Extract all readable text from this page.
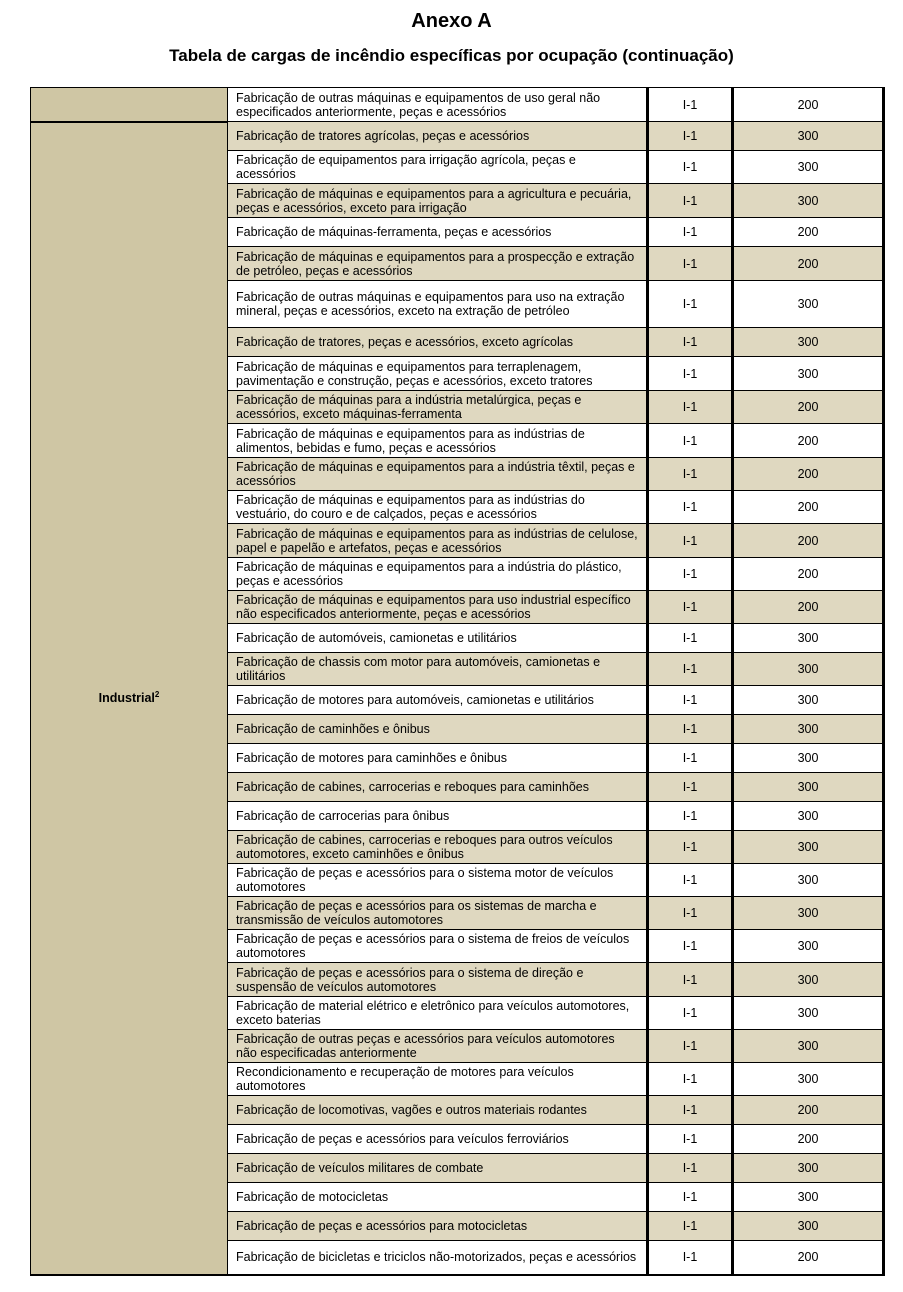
Anexo A
Tabela de cargas de incêndio específicas por ocupação (continuação)
	Fabricação de outras máquinas e equipamentos de uso geral não especificados anteriormente, peças e acessórios	I-1	200
Industrial$^2$	Fabricação de tratores agrícolas, peças e acessórios	I-1	300
	Fabricação de equipamentos para irrigação agrícola, peças e acessórios	I-1	300
	Fabricação de máquinas e equipamentos para a agricultura e pecuária, peças e acessórios, exceto para irrigação	I-1	300
	Fabricação de máquinas-ferramenta, peças e acessórios	I-1	200
	Fabricação de máquinas e equipamentos para a prospecção e extração de petróleo, peças e acessórios	I-1	200
	Fabricação de outras máquinas e equipamentos para uso na extração mineral, peças e acessórios, exceto na extração de petróleo	I-1	300
	Fabricação de tratores, peças e acessórios, exceto agrícolas	I-1	300
	Fabricação de máquinas e equipamentos para terraplenagem, pavimentação e construção, peças e acessórios, exceto tratores	I-1	300
	Fabricação de máquinas para a indústria metalúrgica, peças e acessórios, exceto máquinas-ferramenta	I-1	200
	Fabricação de máquinas e equipamentos para as indústrias de alimentos, bebidas e fumo, peças e acessórios	I-1	200
	Fabricação de máquinas e equipamentos para a indústria têxtil, peças e acessórios	I-1	200
	Fabricação de máquinas e equipamentos para as indústrias do vestuário, do couro e de calçados, peças e acessórios	I-1	200
	Fabricação de máquinas e equipamentos para as indústrias de celulose, papel e papelão e artefatos, peças e acessórios	I-1	200
	Fabricação de máquinas e equipamentos para a indústria do plástico, peças e acessórios	I-1	200
	Fabricação de máquinas e equipamentos para uso industrial específico não especificados anteriormente, peças e acessórios	I-1	200
	Fabricação de automóveis, camionetas e utilitários	I-1	300
	Fabricação de chassis com motor para automóveis, camionetas e utilitários	I-1	300
	Fabricação de motores para automóveis, camionetas e utilitários	I-1	300
	Fabricação de caminhões e ônibus	I-1	300
	Fabricação de motores para caminhões e ônibus	I-1	300
	Fabricação de cabines, carrocerias e reboques para caminhões	I-1	300
	Fabricação de carrocerias para ônibus	I-1	300
	Fabricação de cabines, carrocerias e reboques para outros veículos automotores, exceto caminhões e ônibus	I-1	300
	Fabricação de peças e acessórios para o sistema motor de veículos automotores	I-1	300
	Fabricação de peças e acessórios para os sistemas de marcha e transmissão de veículos automotores	I-1	300
	Fabricação de peças e acessórios para o sistema de freios de veículos automotores	I-1	300
	Fabricação de peças e acessórios para o sistema de direção e suspensão de veículos automotores	I-1	300
	Fabricação de material elétrico e eletrônico para veículos automotores, exceto baterias	I-1	300
	Fabricação de outras peças e acessórios para veículos automotores não especificadas anteriormente	I-1	300
	Recondicionamento e recuperação de motores para veículos automotores	I-1	300
	Fabricação de locomotivas, vagões e outros materiais rodantes	I-1	200
	Fabricação de peças e acessórios para veículos ferroviários	I-1	200
	Fabricação de veículos militares de combate	I-1	300
	Fabricação de motocicletas	I-1	300
	Fabricação de peças e acessórios para motocicletas	I-1	300
	Fabricação de bicicletas e triciclos não-motorizados, peças e acessórios	I-1	200
